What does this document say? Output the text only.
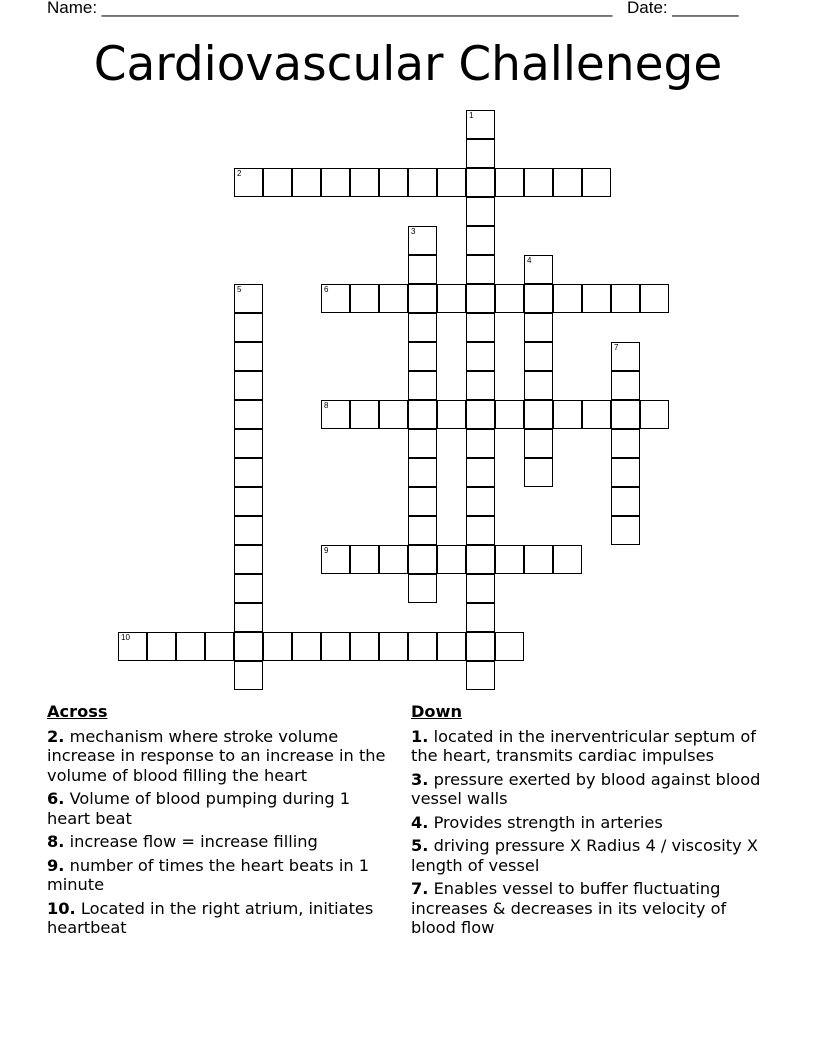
Name: ______________________________________________________ Date: _______
Cardiovascular Challenege
1
2
3
4
5	6
7
8
9
10
Across
2. mechanism where stroke volume increase in response to an increase in the volume of blood filling the heart
6. Volume of blood pumping during 1 heart beat
8. increase flow = increase filling
9. number of times the heart beats in 1 minute
10. Located in the right atrium, initiates heartbeat
Down
1. located in the inerventricular septum of the heart, transmits cardiac impulses
3. pressure exerted by blood against blood vessel walls
4. Provides strength in arteries
5. driving pressure X Radius 4 / viscosity X length of vessel
7. Enables vessel to buffer fluctuating increases & decreases in its velocity of blood flow
